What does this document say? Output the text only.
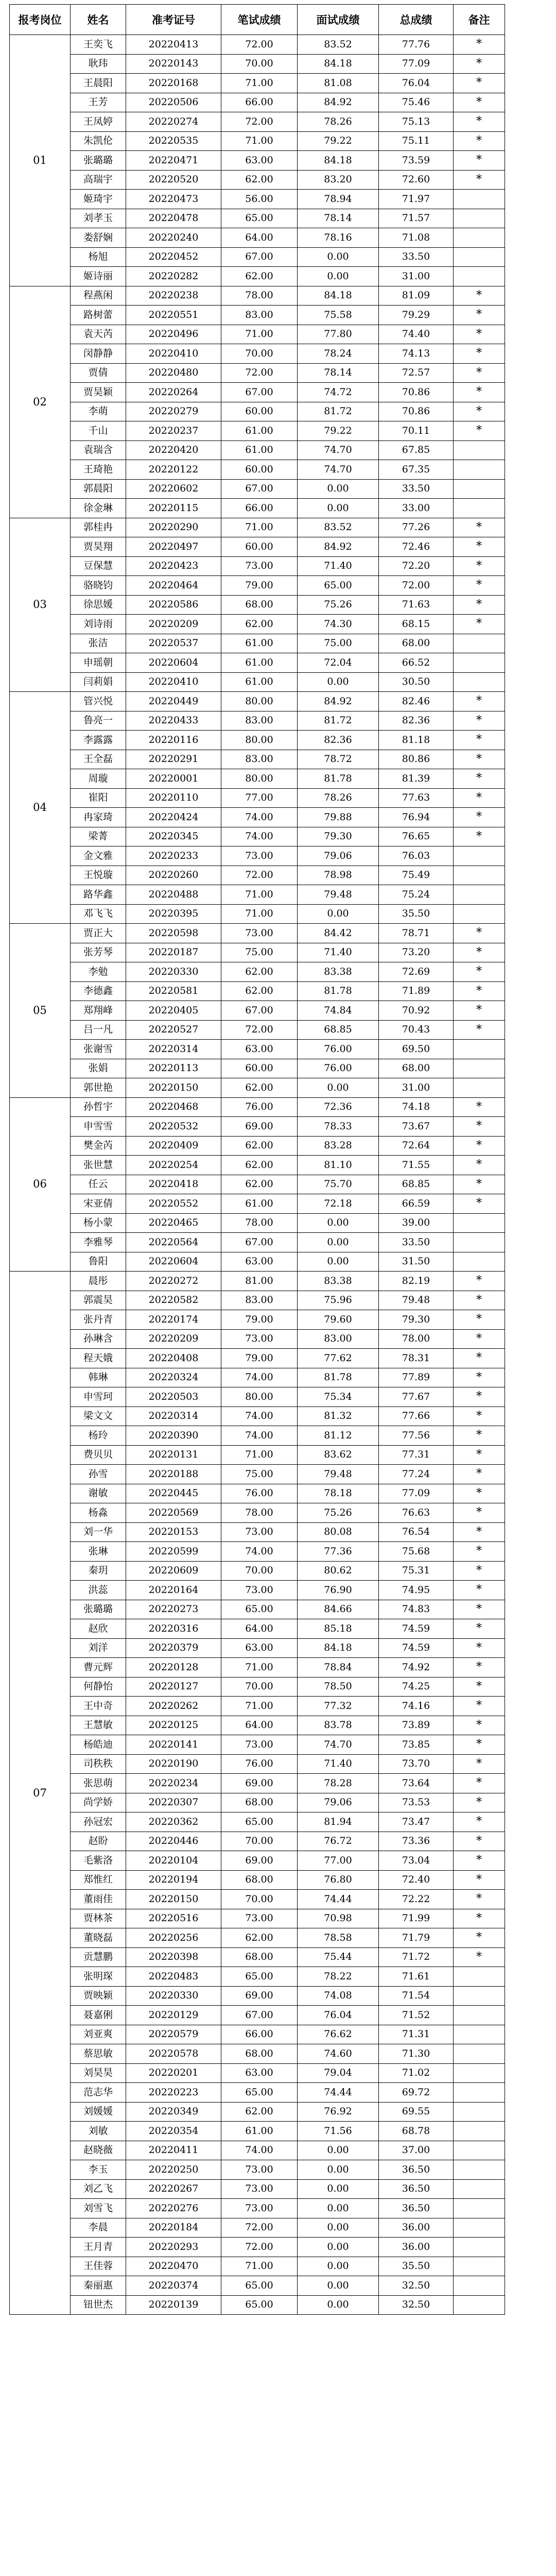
报考岗位	姓名	准考证号	笔试成绩	面试成绩	总成绩	备注
01	王奕飞	20220413	72.00	83.52	77.76	*
	耿玮	20220143	70.00	84.18	77.09	*
	王晨阳	20220168	71.00	81.08	76.04	*
	王芳	20220506	66.00	84.92	75.46	*
	王凤婷	20220274	72.00	78.26	75.13	*
	朱凯伦	20220535	71.00	79.22	75.11	*
	张璐璐	20220471	63.00	84.18	73.59	*
	高瑞宇	20220520	62.00	83.20	72.60	*
	姬琦宇	20220473	56.00	78.94	71.97	
	刘孝玉	20220478	65.00	78.14	71.57	
	娄舒娴	20220240	64.00	78.16	71.08	
	杨旭	20220452	67.00	0.00	33.50	
	姬诗丽	20220282	62.00	0.00	31.00	
02	程燕闲	20220238	78.00	84.18	81.09	*
	路树蕾	20220551	83.00	75.58	79.29	*
	袁天芮	20220496	71.00	77.80	74.40	*
	闵静静	20220410	70.00	78.24	74.13	*
	贾倩	20220480	72.00	78.14	72.57	*
	贾昊颖	20220264	67.00	74.72	70.86	*
	李萌	20220279	60.00	81.72	70.86	*
	千山	20220237	61.00	79.22	70.11	*
	袁瑞含	20220420	61.00	74.70	67.85	
	王琦艳	20220122	60.00	74.70	67.35	
	郭晨阳	20220602	67.00	0.00	33.50	
	徐金琳	20220115	66.00	0.00	33.00	
03	郭桂冉	20220290	71.00	83.52	77.26	*
	贾昊翔	20220497	60.00	84.92	72.46	*
	豆保慧	20220423	73.00	71.40	72.20	*
	骆晓钧	20220464	79.00	65.00	72.00	*
	徐思媛	20220586	68.00	75.26	71.63	*
	刘诗雨	20220209	62.00	74.30	68.15	*
	张洁	20220537	61.00	75.00	68.00	
	申瑶朝	20220604	61.00	72.04	66.52	
	闫莉娟	20220410	61.00	0.00	30.50	
04	管兴悦	20220449	80.00	84.92	82.46	*
	鲁亮一	20220433	83.00	81.72	82.36	*
	李露露	20220116	80.00	82.36	81.18	*
	王全磊	20220291	83.00	78.72	80.86	*
	周璇	20220001	80.00	81.78	81.39	*
	崔阳	20220110	77.00	78.26	77.63	*
	冉家琦	20220424	74.00	79.88	76.94	*
	梁菁	20220345	74.00	79.30	76.65	*
	金文雅	20220233	73.00	79.06	76.03	
	王悦璇	20220260	72.00	78.98	75.49	
	路华鑫	20220488	71.00	79.48	75.24	
	邓飞飞	20220395	71.00	0.00	35.50	
05	贾正大	20220598	73.00	84.42	78.71	*
	张芳琴	20220187	75.00	71.40	73.20	*
	李勉	20220330	62.00	83.38	72.69	*
	李德鑫	20220581	62.00	81.78	71.89	*
	郑翔峰	20220405	67.00	74.84	70.92	*
	吕一凡	20220527	72.00	68.85	70.43	*
	张谢雪	20220314	63.00	76.00	69.50	
	张娟	20220113	60.00	76.00	68.00	
	郭世艳	20220150	62.00	0.00	31.00	
06	孙哲宇	20220468	76.00	72.36	74.18	*
	申雪雪	20220532	69.00	78.33	73.67	*
	樊金芮	20220409	62.00	83.28	72.64	*
	张世慧	20220254	62.00	81.10	71.55	*
	任云	20220418	62.00	75.70	68.85	*
	宋亚倩	20220552	61.00	72.18	66.59	*
	杨小蒙	20220465	78.00	0.00	39.00	
	李雅琴	20220564	67.00	0.00	33.50	
	鲁阳	20220604	63.00	0.00	31.50	
07	晨彤	20220272	81.00	83.38	82.19	*
	郭震昊	20220582	83.00	75.96	79.48	*
	张丹青	20220174	79.00	79.60	79.30	*
	孙琳含	20220209	73.00	83.00	78.00	*
	程天娥	20220408	79.00	77.62	78.31	*
	韩琳	20220324	74.00	81.78	77.89	*
	申雪珂	20220503	80.00	75.34	77.67	*
	梁文文	20220314	74.00	81.32	77.66	*
	杨玲	20220390	74.00	81.12	77.56	*
	费贝贝	20220131	71.00	83.62	77.31	*
	孙雪	20220188	75.00	79.48	77.24	*
	谢敏	20220445	76.00	78.18	77.09	*
	杨淼	20220569	78.00	75.26	76.63	*
	刘一华	20220153	73.00	80.08	76.54	*
	张琳	20220599	74.00	77.36	75.68	*
	秦玥	20220609	70.00	80.62	75.31	*
	洪蕊	20220164	73.00	76.90	74.95	*
	张璐璐	20220273	65.00	84.66	74.83	*
	赵欣	20220316	64.00	85.18	74.59	*
	刘洋	20220379	63.00	84.18	74.59	*
	曹元辉	20220128	71.00	78.84	74.92	*
	何静怡	20220127	70.00	78.50	74.25	*
	王中奇	20220262	71.00	77.32	74.16	*
	王慧敏	20220125	64.00	83.78	73.89	*
	杨皓迪	20220141	73.00	74.70	73.85	*
	司秩秩	20220190	76.00	71.40	73.70	*
	张思萌	20220234	69.00	78.28	73.64	*
	尚学娇	20220307	68.00	79.06	73.53	*
	孙冠宏	20220362	65.00	81.94	73.47	*
	赵盼	20220446	70.00	76.72	73.36	*
	毛紫洛	20220104	69.00	77.00	73.04	*
	郑惟红	20220194	68.00	76.80	72.40	*
	董雨佳	20220150	70.00	74.44	72.22	*
	贾林茶	20220516	73.00	70.98	71.99	*
	董晓磊	20220256	62.00	78.58	71.79	*
	贡慧鹏	20220398	68.00	75.44	71.72	*
	张明琛	20220483	65.00	78.22	71.61	
	贾映颖	20220330	69.00	74.08	71.54	
	聂嘉俐	20220129	67.00	76.04	71.52	
	刘亚爽	20220579	66.00	76.62	71.31	
	蔡思敏	20220578	68.00	74.60	71.30	
	刘昊昊	20220201	63.00	79.04	71.02	
	范志华	20220223	65.00	74.44	69.72	
	刘媛媛	20220349	62.00	76.92	69.55	
	刘敏	20220354	61.00	71.56	68.78	
	赵晓薇	20220411	74.00	0.00	37.00	
	李玉	20220250	73.00	0.00	36.50	
	刘乙飞	20220267	73.00	0.00	36.50	
	刘雪飞	20220276	73.00	0.00	36.50	
	李晨	20220184	72.00	0.00	36.00	
	王月青	20220293	72.00	0.00	36.00	
	王佳蓉	20220470	71.00	0.00	35.50	
	秦丽惠	20220374	65.00	0.00	32.50	
	钮世杰	20220139	65.00	0.00	32.50	
